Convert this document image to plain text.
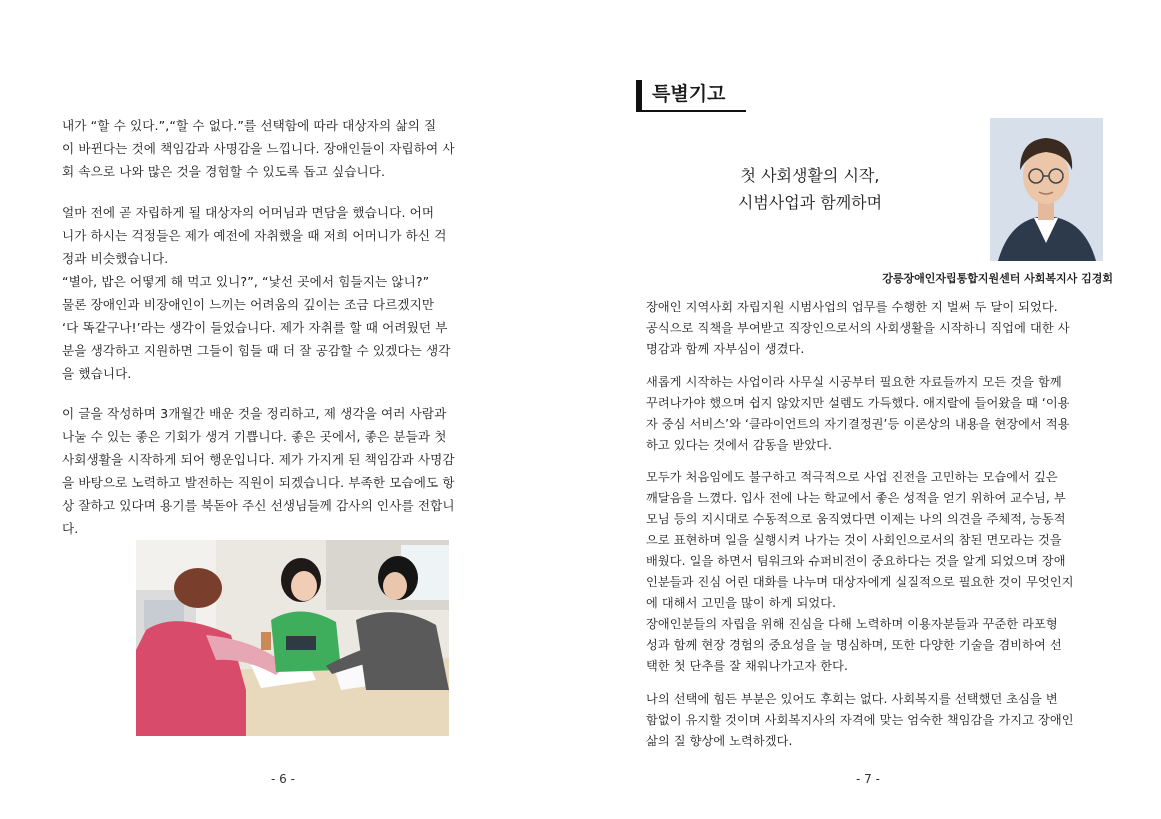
내가 “할 수 있다.”,“할 수 없다.”를 선택함에 따라 대상자의 삶의 질
이 바뀐다는 것에 책임감과 사명감을 느낍니다. 장애인들이 자립하여 사
회 속으로 나와 많은 것을 경험할 수 있도록 돕고 싶습니다.
얼마 전에 곧 자립하게 될 대상자의 어머님과 면담을 했습니다. 어머
니가 하시는 걱정들은 제가 예전에 자취했을 때 저희 어머니가 하신 걱
정과 비슷했습니다.
“별아, 밥은 어떻게 해 먹고 있니?”, “낯선 곳에서 힘들지는 않니?”
물론 장애인과 비장애인이 느끼는 어려움의 깊이는 조금 다르겠지만
‘다 똑같구나!’라는 생각이 들었습니다. 제가 자취를 할 때 어려웠던 부
분을 생각하고 지원하면 그들이 힘들 때 더 잘 공감할 수 있겠다는 생각
을 했습니다.
이 글을 작성하며 3개월간 배운 것을 정리하고, 제 생각을 여러 사람과
나눌 수 있는 좋은 기회가 생겨 기쁩니다. 좋은 곳에서, 좋은 분들과 첫
사회생활을 시작하게 되어 행운입니다. 제가 가지게 된 책임감과 사명감
을 바탕으로 노력하고 발전하는 직원이 되겠습니다. 부족한 모습에도 항
상 잘하고 있다며 용기를 북돋아 주신 선생님들께 감사의 인사를 전합니
다.
- 6 -
특별기고
첫 사회생활의 시작,
시범사업과 함께하며
강릉장애인자립통합지원센터 사회복지사 김경회
장애인 지역사회 자립지원 시범사업의 업무를 수행한 지 벌써 두 달이 되었다.
공식으로 직책을 부여받고 직장인으로서의 사회생활을 시작하니 직업에 대한 사
명감과 함께 자부심이 생겼다.
새롭게 시작하는 사업이라 사무실 시공부터 필요한 자료들까지 모든 것을 함께
꾸려나가야 했으며 쉽지 않았지만 설렘도 가득했다. 애지랄에 들어왔을 때 ‘이용
자 중심 서비스’와 ‘클라이언트의 자기결정권’등 이론상의 내용을 현장에서 적용
하고 있다는 것에서 감동을 받았다.
모두가 처음임에도 불구하고 적극적으로 사업 진전을 고민하는 모습에서 깊은
깨달음을 느꼈다. 입사 전에 나는 학교에서 좋은 성적을 얻기 위하여 교수님, 부
모님 등의 지시대로 수동적으로 움직였다면 이제는 나의 의견을 주체적, 능동적
으로 표현하며 일을 실행시켜 나가는 것이 사회인으로서의 참된 면모라는 것을
배웠다. 일을 하면서 팀워크와 슈퍼비전이 중요하다는 것을 알게 되었으며 장애
인분들과 진심 어린 대화를 나누며 대상자에게 실질적으로 필요한 것이 무엇인지
에 대해서 고민을 많이 하게 되었다.
장애인분들의 자립을 위해 진심을 다해 노력하며 이용자분들과 꾸준한 라포형
성과 함께 현장 경험의 중요성을 늘 명심하며, 또한 다양한 기술을 겸비하여 선
택한 첫 단추를 잘 채워나가고자 한다.
나의 선택에 힘든 부분은 있어도 후회는 없다. 사회복지를 선택했던 초심을 변
함없이 유지할 것이며 사회복지사의 자격에 맞는 엄숙한 책임감을 가지고 장애인
삶의 질 향상에 노력하겠다.
- 7 -
